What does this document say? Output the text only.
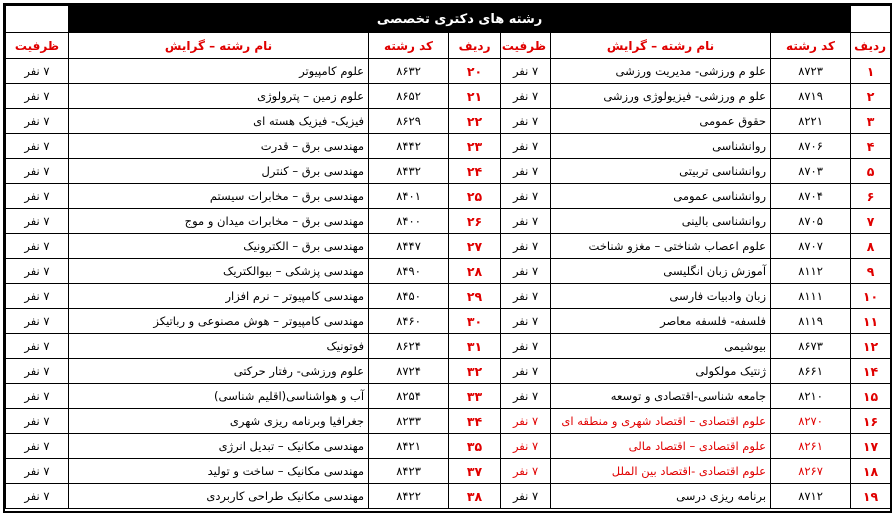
	رشته های دکتری تخصصی						
ردیف	کد رشته	نام رشته – گرایش	ظرفیت	ردیف	کد رشته	نام رشته – گرایش	ظرفیت
۱	۸۷۲۳	علو م ورزشی- مدیریت ورزشی	۷ نفر	۲۰	۸۶۳۲	علوم کامپیوتر	۷ نفر
۲	۸۷۱۹	علو م ورزشی- فیزیولوژی ورزشی	۷ نفر	۲۱	۸۶۵۲	علوم زمین – پترولوژی	۷ نفر
۳	۸۲۲۱	حقوق عمومی	۷ نفر	۲۲	۸۶۲۹	فیزیک- فیزیک هسته ای	۷ نفر
۴	۸۷۰۶	روانشناسی	۷ نفر	۲۳	۸۴۴۲	مهندسی برق – قدرت	۷ نفر
۵	۸۷۰۳	روانشناسی تربیتی	۷ نفر	۲۴	۸۴۳۲	مهندسی برق – کنترل	۷ نفر
۶	۸۷۰۴	روانشناسی عمومی	۷ نفر	۲۵	۸۴۰۱	مهندسی برق – مخابرات سیستم	۷ نفر
۷	۸۷۰۵	روانشناسی بالینی	۷ نفر	۲۶	۸۴۰۰	مهندسی برق – مخابرات میدان و موج	۷ نفر
۸	۸۷۰۷	علوم اعصاب شناختی – مغزو شناخت	۷ نفر	۲۷	۸۴۴۷	مهندسی برق – الکترونیک	۷ نفر
۹	۸۱۱۲	آموزش زبان انگلیسی	۷ نفر	۲۸	۸۴۹۰	مهندسی پزشکی – بیوالکتریک	۷ نفر
۱۰	۸۱۱۱	زبان وادبیات فارسی	۷ نفر	۲۹	۸۴۵۰	مهندسی کامپیوتر – نرم افزار	۷ نفر
۱۱	۸۱۱۹	فلسفه- فلسفه معاصر	۷ نفر	۳۰	۸۴۶۰	مهندسی کامپیوتر – هوش مصنوعی و رباتیکز	۷ نفر
۱۲	۸۶۷۳	بیوشیمی	۷ نفر	۳۱	۸۶۲۴	فوتونیک	۷ نفر
۱۴	۸۶۶۱	ژنتیک مولکولی	۷ نفر	۳۲	۸۷۲۴	علوم ورزشی- رفتار حرکتی	۷ نفر
۱۵	۸۲۱۰	جامعه شناسی-اقتصادی و توسعه	۷ نفر	۳۳	۸۲۵۴	آب و هواشناسی(اقلیم شناسی)	۷ نفر
۱۶	۸۲۷۰	علوم اقتصادی – اقتصاد شهری و منطقه ای	۷ نفر	۳۴	۸۲۳۳	جغرافیا وبرنامه ریزی شهری	۷ نفر
۱۷	۸۲۶۱	علوم اقتصادی – اقتصاد مالی	۷ نفر	۳۵	۸۴۲۱	مهندسی مکانیک – تبدیل انرژی	۷ نفر
۱۸	۸۲۶۷	علوم اقتصادی -اقتصاد بین الملل	۷ نفر	۳۷	۸۴۲۳	مهندسی مکانیک – ساخت و تولید	۷ نفر
۱۹	۸۷۱۲	برنامه ریزی درسی	۷ نفر	۳۸	۸۴۲۲	مهندسی مکانیک طراحی کاربردی	۷ نفر
